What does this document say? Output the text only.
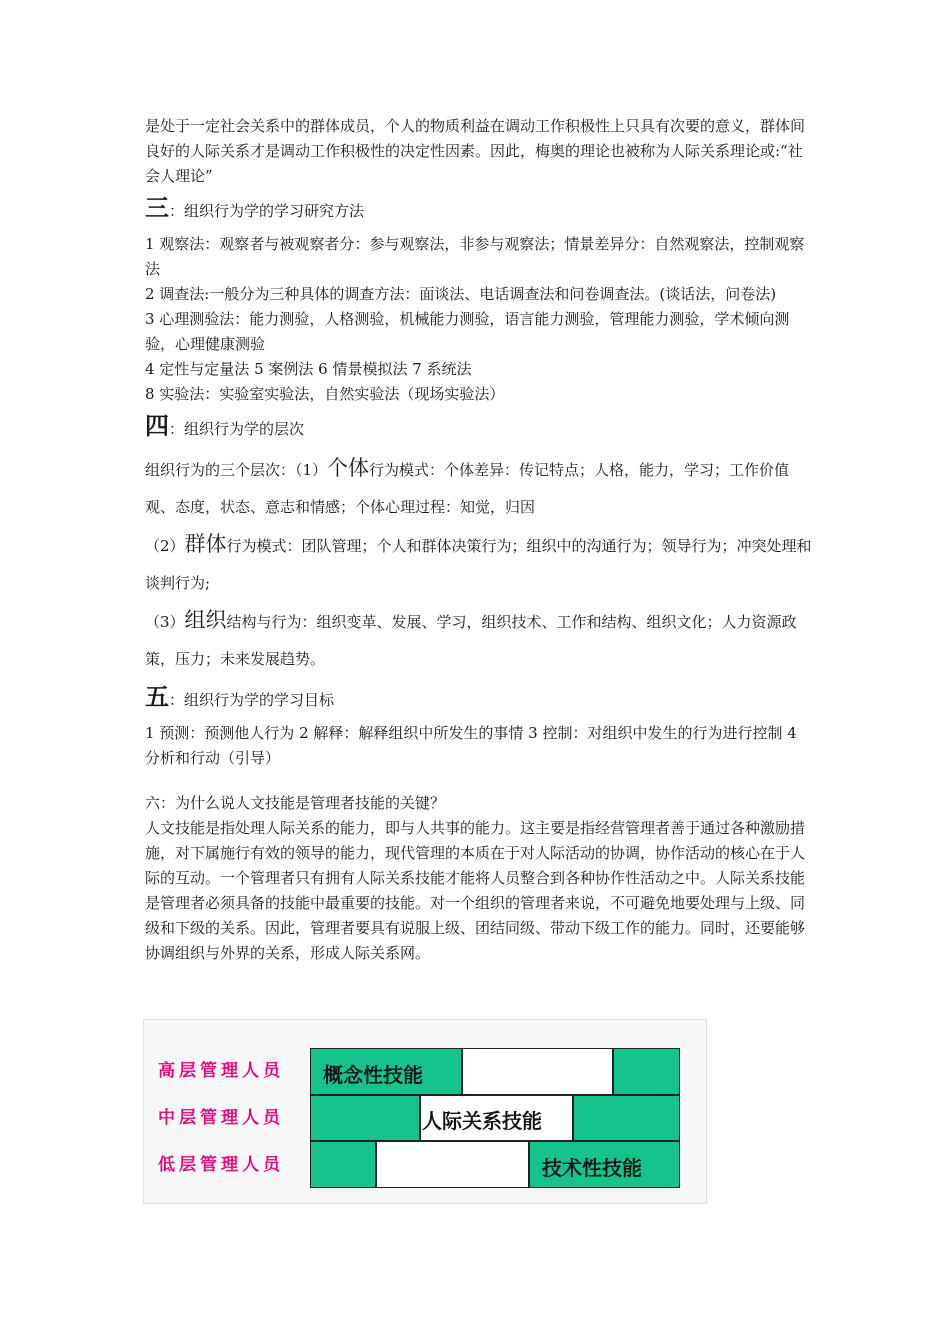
是处于一定社会关系中的群体成员，个人的物质利益在调动工作积极性上只具有次要的意义，群体间良好的人际关系才是调动工作积极性的决定性因素。因此，梅奥的理论也被称为人际关系理论或:“社会人理论”

三：组织行为学的学习研究方法

1 观察法：观察者与被观察者分：参与观察法，非参与观察法；情景差异分：自然观察法，控制观察法

2 调查法:一般分为三种具体的调查方法：面谈法、电话调查法和问卷调查法。(谈话法，问卷法)

3 心理测验法：能力测验，人格测验，机械能力测验，语言能力测验，管理能力测验，学术倾向测验，心理健康测验

4 定性与定量法 5 案例法 6 情景模拟法 7 系统法

8 实验法：实验室实验法，自然实验法（现场实验法）

四：组织行为学的层次

组织行为的三个层次：（1）个体行为模式：个体差异：传记特点；人格，能力，学习；工作价值观、态度，状态、意志和情感；个体心理过程：知觉，归因

（2）群体行为模式：团队管理；个人和群体决策行为；组织中的沟通行为；领导行为；冲突处理和谈判行为;

（3）组织结构与行为：组织变革、发展、学习，组织技术、工作和结构、组织文化；人力资源政策，压力；未来发展趋势。

五：组织行为学的学习目标

1 预测：预测他人行为 2 解释：解释组织中所发生的事情 3 控制：对组织中发生的行为进行控制 4 分析和行动（引导）

六：为什么说人文技能是管理者技能的关键？

人文技能是指处理人际关系的能力，即与人共事的能力。这主要是指经营管理者善于通过各种激励措施，对下属施行有效的领导的能力，现代管理的本质在于对人际活动的协调，协作活动的核心在于人际的互动。一个管理者只有拥有人际关系技能才能将人员整合到各种协作性活动之中。人际关系技能是管理者必须具备的技能中最重要的技能。对一个组织的管理者来说，不可避免地要处理与上级、同级和下级的关系。因此，管理者要具有说服上级、团结同级、带动下级工作的能力。同时，还要能够协调组织与外界的关系，形成人际关系网。

高层管理人员
中层管理人员
低层管理人员
概念性技能
人际关系技能
技术性技能
